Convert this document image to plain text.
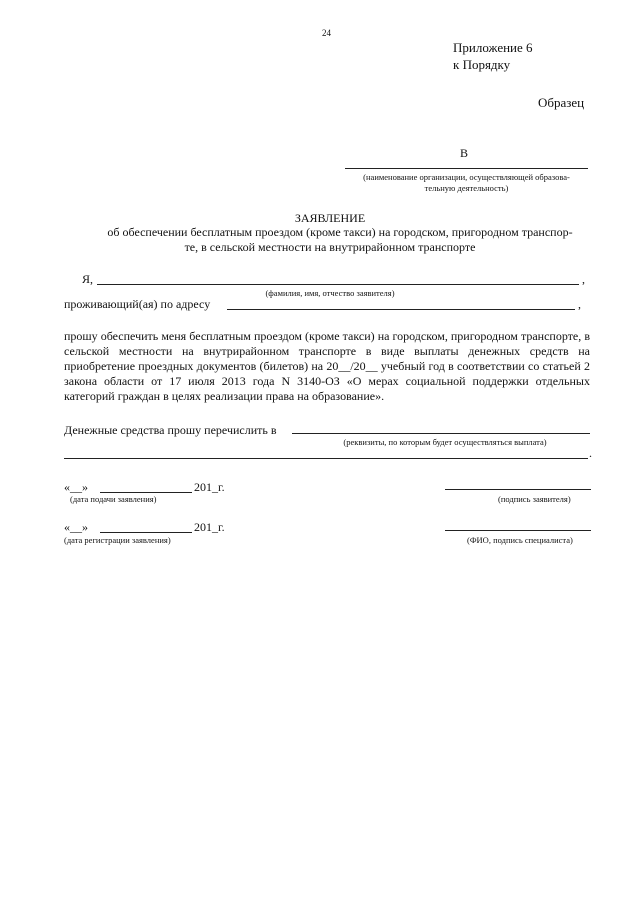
24
Приложение 6
к Порядку
Образец
В
(наименование организации, осуществляющей образова-
тельную деятельность)
ЗАЯВЛЕНИЕ
об обеспечении бесплатным проездом (кроме такси) на городском, пригородном транспор-
те, в сельской местности на внутрирайонном транспорте
Я,	,
(фамилия, имя, отчество заявителя)
проживающий(ая) по адресу	,
прошу обеспечить меня бесплатным проездом (кроме такси) на городском, пригородном транспорте, в сельской местности на внутрирайонном транспорте в виде выплаты денежных средств на приобретение проездных документов (билетов) на 20__/20__ учебный год в соответствии со статьей 2 закона области от 17 июля 2013 года N 3140-ОЗ «О мерах социальной поддержки отдельных категорий граждан в целях реализации права на образование».
Денежные средства прошу перечислить в
(реквизиты, по которым будет осуществляться выплата)
.
«__»	201_г.
(дата подачи заявления)	(подпись заявителя)
«__»	201_г.
(дата регистрации заявления)	(ФИО, подпись специалиста)
